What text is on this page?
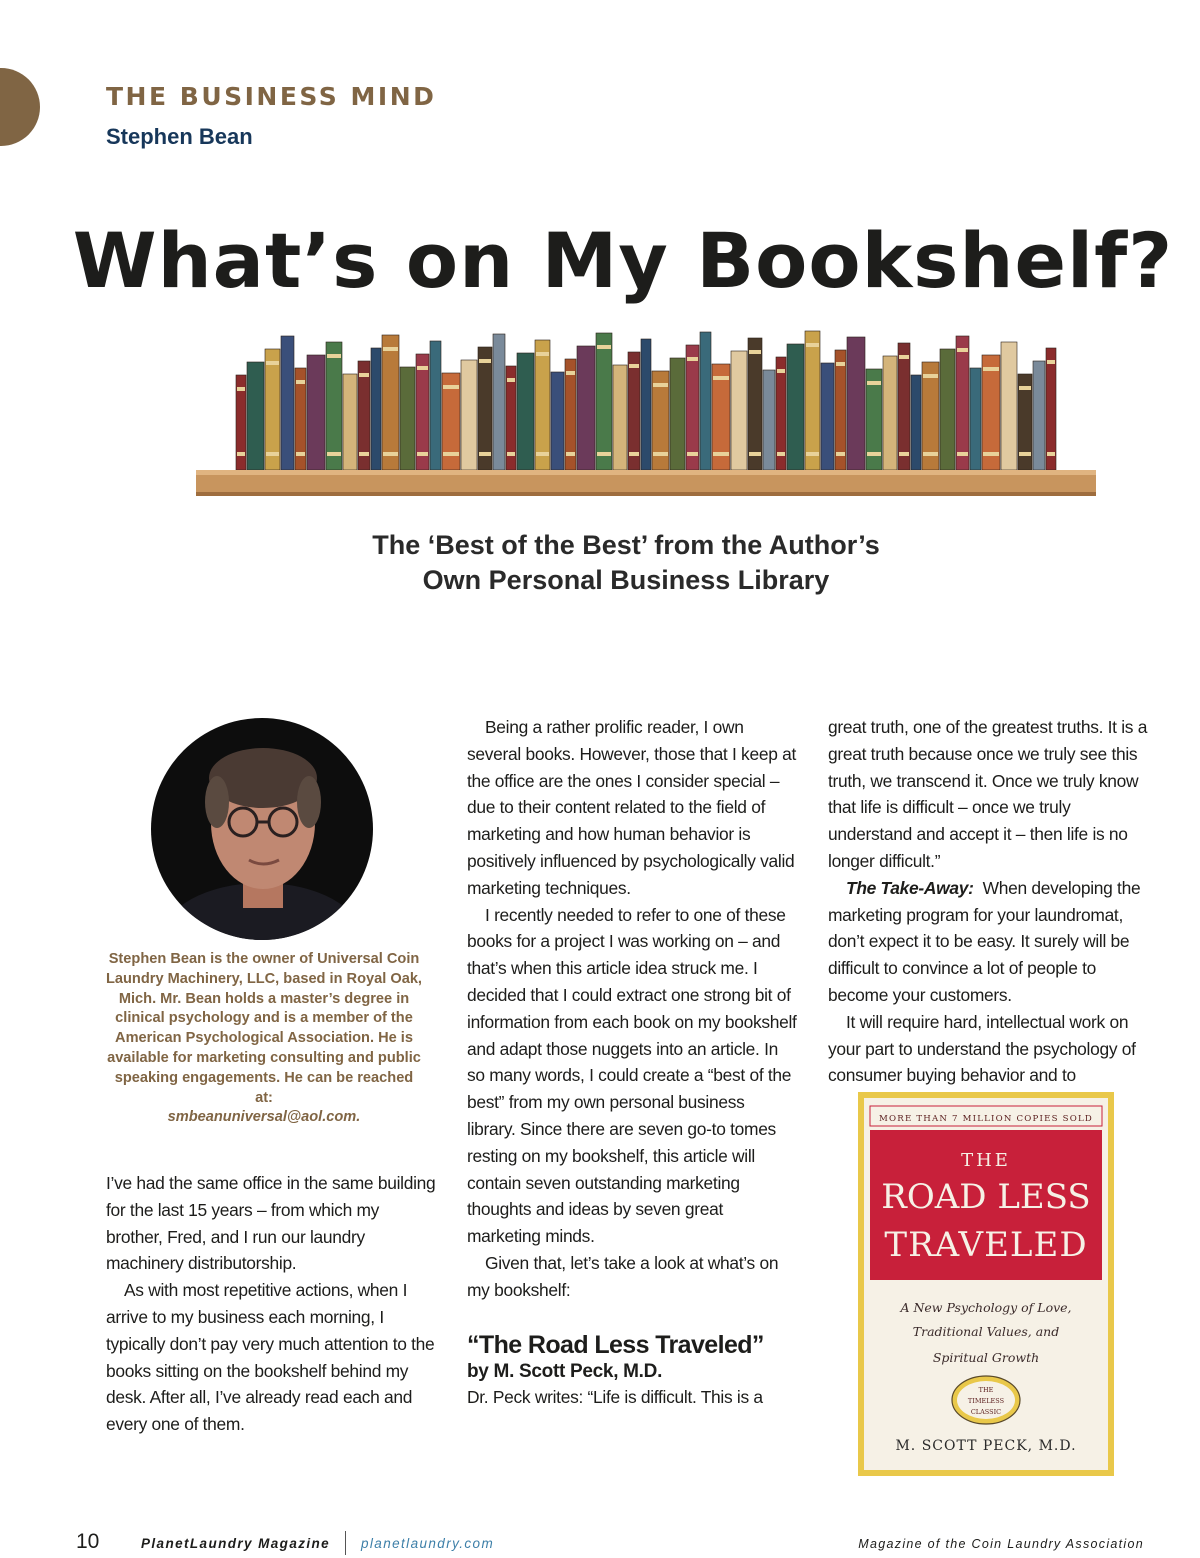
THE BUSINESS MIND
Stephen Bean
What’s on My Bookshelf?
The ‘Best of the Best’ from the Author’s
Own Personal Business Library
Stephen Bean is the owner of Universal Coin Laundry Machinery, LLC, based in Royal Oak, Mich. Mr. Bean holds a master’s degree in clinical psychology and is a member of the American Psychological Association. He is available for marketing consulting and public speaking engagements. He can be reached at:
smbeanuniversal@aol.com.

I’ve had the same office in the same building for the last 15 years – from which my brother, Fred, and I run our laundry machinery distributorship.

As with most repetitive actions, when I arrive to my business each morning, I typically don’t pay very much attention to the books sitting on the bookshelf behind my desk. After all, I’ve already read each and every one of them.

Being a rather prolific reader, I own several books. However, those that I keep at the office are the ones I consider special – due to their content related to the field of marketing and how human behavior is positively influenced by psychologically valid marketing techniques.

I recently needed to refer to one of these books for a project I was working on – and that’s when this article idea struck me. I decided that I could extract one strong bit of information from each book on my bookshelf and adapt those nuggets into an article. In so many words, I could create a “best of the best” from my own personal business library. Since there are seven go-to tomes resting on my bookshelf, this article will contain seven outstanding marketing thoughts and ideas by seven great marketing minds.

Given that, let’s take a look at what’s on my bookshelf:

“The Road Less Traveled”

by M. Scott Peck, M.D.

Dr. Peck writes: “Life is difficult. This is a

great truth, one of the greatest truths. It is a great truth because once we truly see this truth, we transcend it. Once we truly know that life is difficult – once we truly understand and accept it – then life is no longer difficult.”

The Take-Away: When developing the marketing program for your laundromat, don’t expect it to be easy. It surely will be difficult to convince a lot of people to become your customers.

It will require hard, intellectual work on your part to understand the psychology of consumer buying behavior and to

MORE THAN 7 MILLION COPIES SOLD
THE
ROAD LESS
TRAVELED
A New Psychology of Love,
Traditional Values, and
Spiritual Growth
THE
TIMELESS
CLASSIC
M. SCOTT PECK, M.D.
10	PlanetLaundry Magazine planetlaundry.com	Magazine of the Coin Laundry Association
